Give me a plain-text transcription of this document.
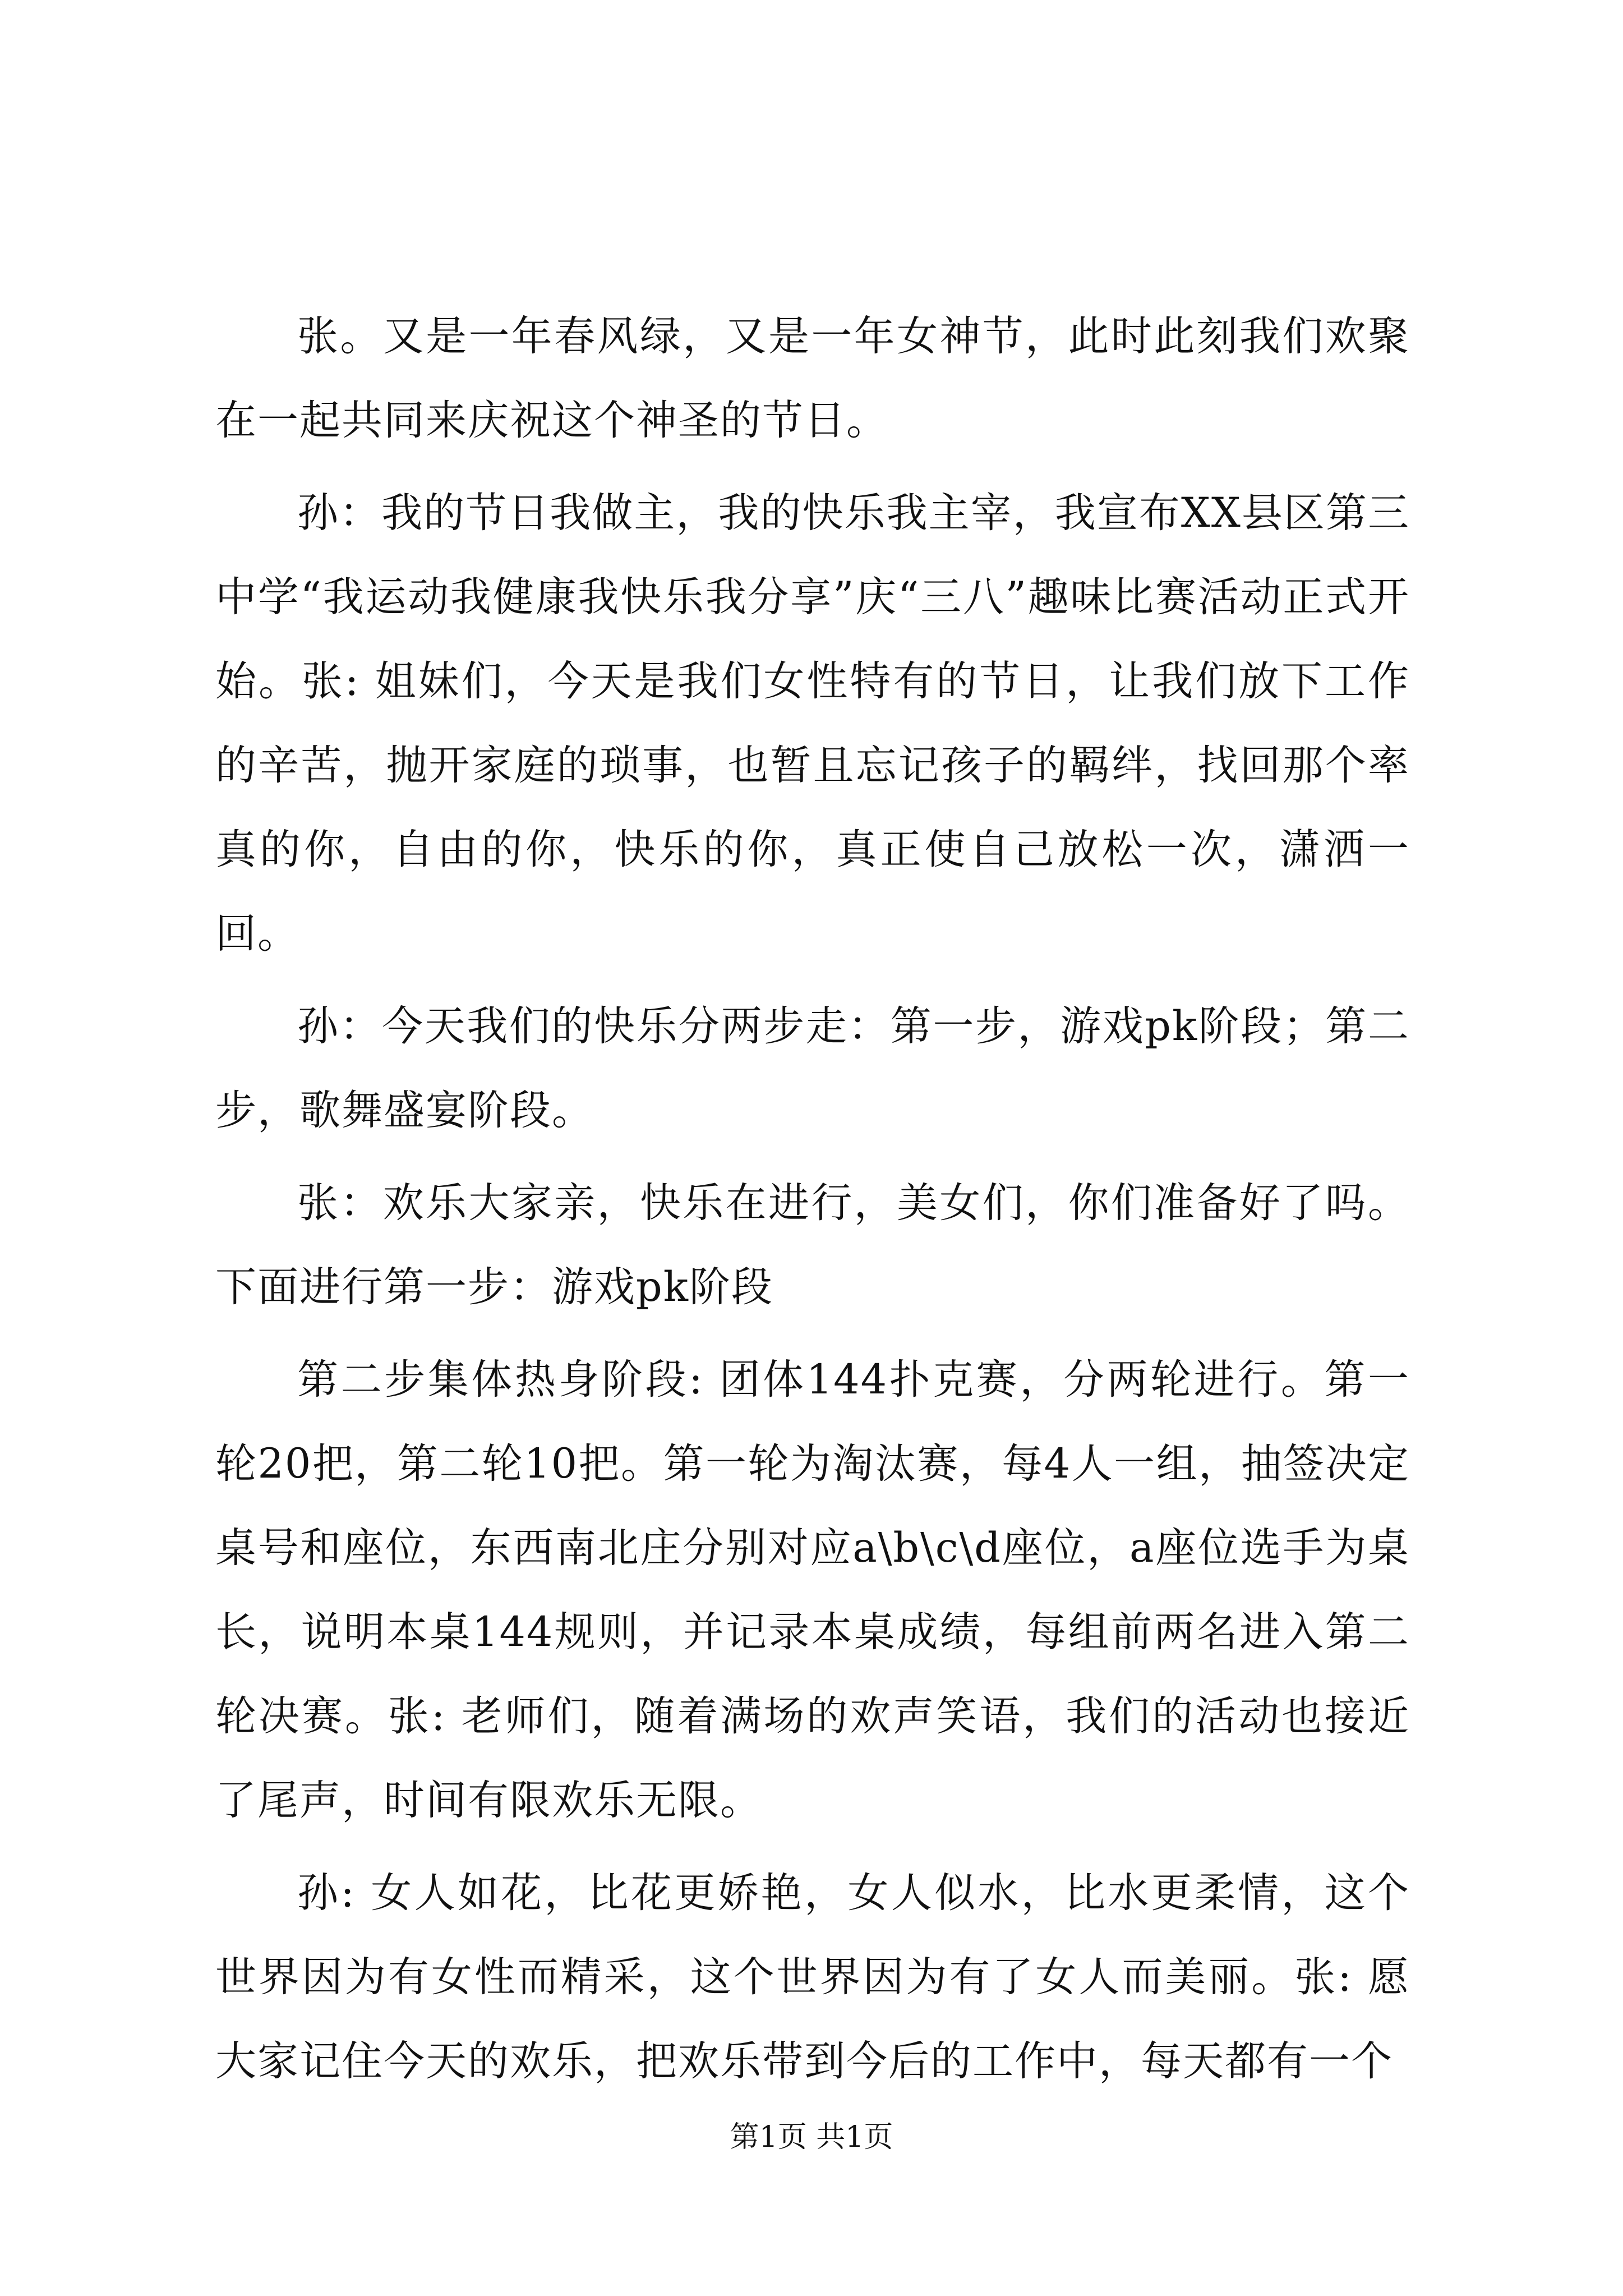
张。又是一年春风绿，又是一年女神节，此时此刻我们欢聚在一起共同来庆祝这个神圣的节日。

孙：我的节日我做主，我的快乐我主宰，我宣布XX县区第三中学“我运动我健康我快乐我分享”庆“三八”趣味比赛活动正式开始。张: 姐妹们，今天是我们女性特有的节日，让我们放下工作的辛苦，抛开家庭的琐事，也暂且忘记孩子的羁绊，找回那个率真的你，自由的你，快乐的你，真正使自己放松一次，潇洒一回。

孙：今天我们的快乐分两步走：第一步，游戏pk阶段；第二步，歌舞盛宴阶段。

张：欢乐大家亲，快乐在进行，美女们，你们准备好了吗。下面进行第一步：游戏pk阶段

第二步集体热身阶段: 团体144扑克赛，分两轮进行。第一轮20把，第二轮10把。第一轮为淘汰赛，每4人一组，抽签决定桌号和座位，东西南北庄分别对应a\b\c\d座位，a座位选手为桌长，说明本桌144规则，并记录本桌成绩，每组前两名进入第二轮决赛。张: 老师们，随着满场的欢声笑语，我们的活动也接近了尾声，时间有限欢乐无限。

孙: 女人如花，比花更娇艳，女人似水，比水更柔情，这个世界因为有女性而精采，这个世界因为有了女人而美丽。张: 愿大家记住今天的欢乐，把欢乐带到今后的工作中，每天都有一个

第1页 共1页
